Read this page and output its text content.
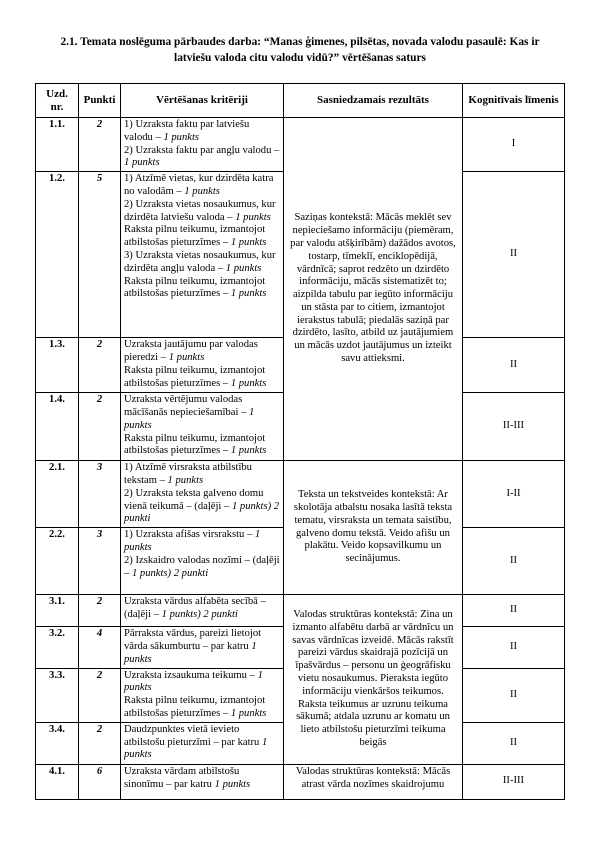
2.1. Temata noslēguma pārbaudes darba: “Manas ģimenes, pilsētas, novada valodu pasaulē: Kas ir
latviešu valoda citu valodu vidū?” vērtēšanas saturs
Uzd. nr.	Punkti	Vērtēšanas kritēriji	Sasniedzamais rezultāts	Kognitīvais līmenis
1.1.	2	1) Uzraksta faktu par latviešu valodu – 1 punkts
2) Uzraksta faktu par angļu valodu – 1 punkts	Saziņas kontekstā: Mācās meklēt sev nepieciešamo informāciju (piemēram, par valodu atšķirībām) dažādos avotos, tostarp, tīmeklī, enciklopēdijā, vārdnīcā; saprot redzēto un dzirdēto informāciju, mācās sistematizēt to; aizpilda tabulu par iegūto informāciju un stāsta par to citiem, izmantojot ierakstus tabulā; piedalās saziņā par dzirdēto, lasīto, atbild uz jautājumiem un mācās uzdot jautājumus un izteikt savu attieksmi.	I
1.2.	5	1) Atzīmē vietas, kur dzirdēta katra no valodām – 1 punkts
2) Uzraksta vietas nosaukumus, kur dzirdēta latviešu valoda – 1 punkts
Raksta pilnu teikumu, izmantojot atbilstošas pieturzīmes – 1 punkts
3) Uzraksta vietas nosaukumus, kur dzirdēta angļu valoda – 1 punkts
Raksta pilnu teikumu, izmantojot atbilstošas pieturzīmes – 1 punkts		II
1.3.	2	Uzraksta jautājumu par valodas pieredzi – 1 punkts
Raksta pilnu teikumu, izmantojot atbilstošas pieturzīmes – 1 punkts		II
1.4.	2	Uzraksta vērtējumu valodas mācīšanās nepieciešamībai – 1 punkts
Raksta pilnu teikumu, izmantojot atbilstošas pieturzīmes – 1 punkts		II-III
2.1.	3	1) Atzīmē virsraksta atbilstību tekstam – 1 punkts
2) Uzraksta teksta galveno domu vienā teikumā – (daļēji – 1 punkts) 2 punkti	Teksta un tekstveides kontekstā: Ar skolotāja atbalstu nosaka lasītā teksta tematu, virsraksta un temata saistību, galveno domu tekstā. Veido afišu un plakātu. Veido kopsavilkumu un secinājumus.	I-II
2.2.	3	1) Uzraksta afišas virsrakstu – 1 punkts
2) Izskaidro valodas nozīmi – (daļēji – 1 punkts) 2 punkti		II
3.1.	2	Uzraksta vārdus alfabēta secībā – (daļēji – 1 punkts) 2 punkti	Valodas struktūras kontekstā: Zina un izmanto alfabētu darbā ar vārdnīcu un savas vārdnīcas izveidē. Mācās rakstīt pareizi vārdus skaidrajā pozīcijā un īpašvārdus – personu un ģeogrāfisku vietu nosaukumus. Pieraksta iegūto informāciju vienkāršos teikumos. Raksta teikumus ar uzrunu teikuma sākumā; atdala uzrunu ar komatu un lieto atbilstošu pieturzīmi teikuma beigās	II
3.2.	4	Pārraksta vārdus, pareizi lietojot vārda sākumburtu – par katru 1 punkts		II
3.3.	2	Uzraksta izsaukuma teikumu – 1 punkts
Raksta pilnu teikumu, izmantojot atbilstošas pieturzīmes – 1 punkts		II
3.4.	2	Daudzpunktes vietā ievieto atbilstošu pieturzīmi – par katru 1 punkts		II
4.1.	6	Uzraksta vārdam atbilstošu sinonīmu – par katru 1 punkts	Valodas struktūras kontekstā: Mācās atrast vārda nozīmes skaidrojumu	II-III
